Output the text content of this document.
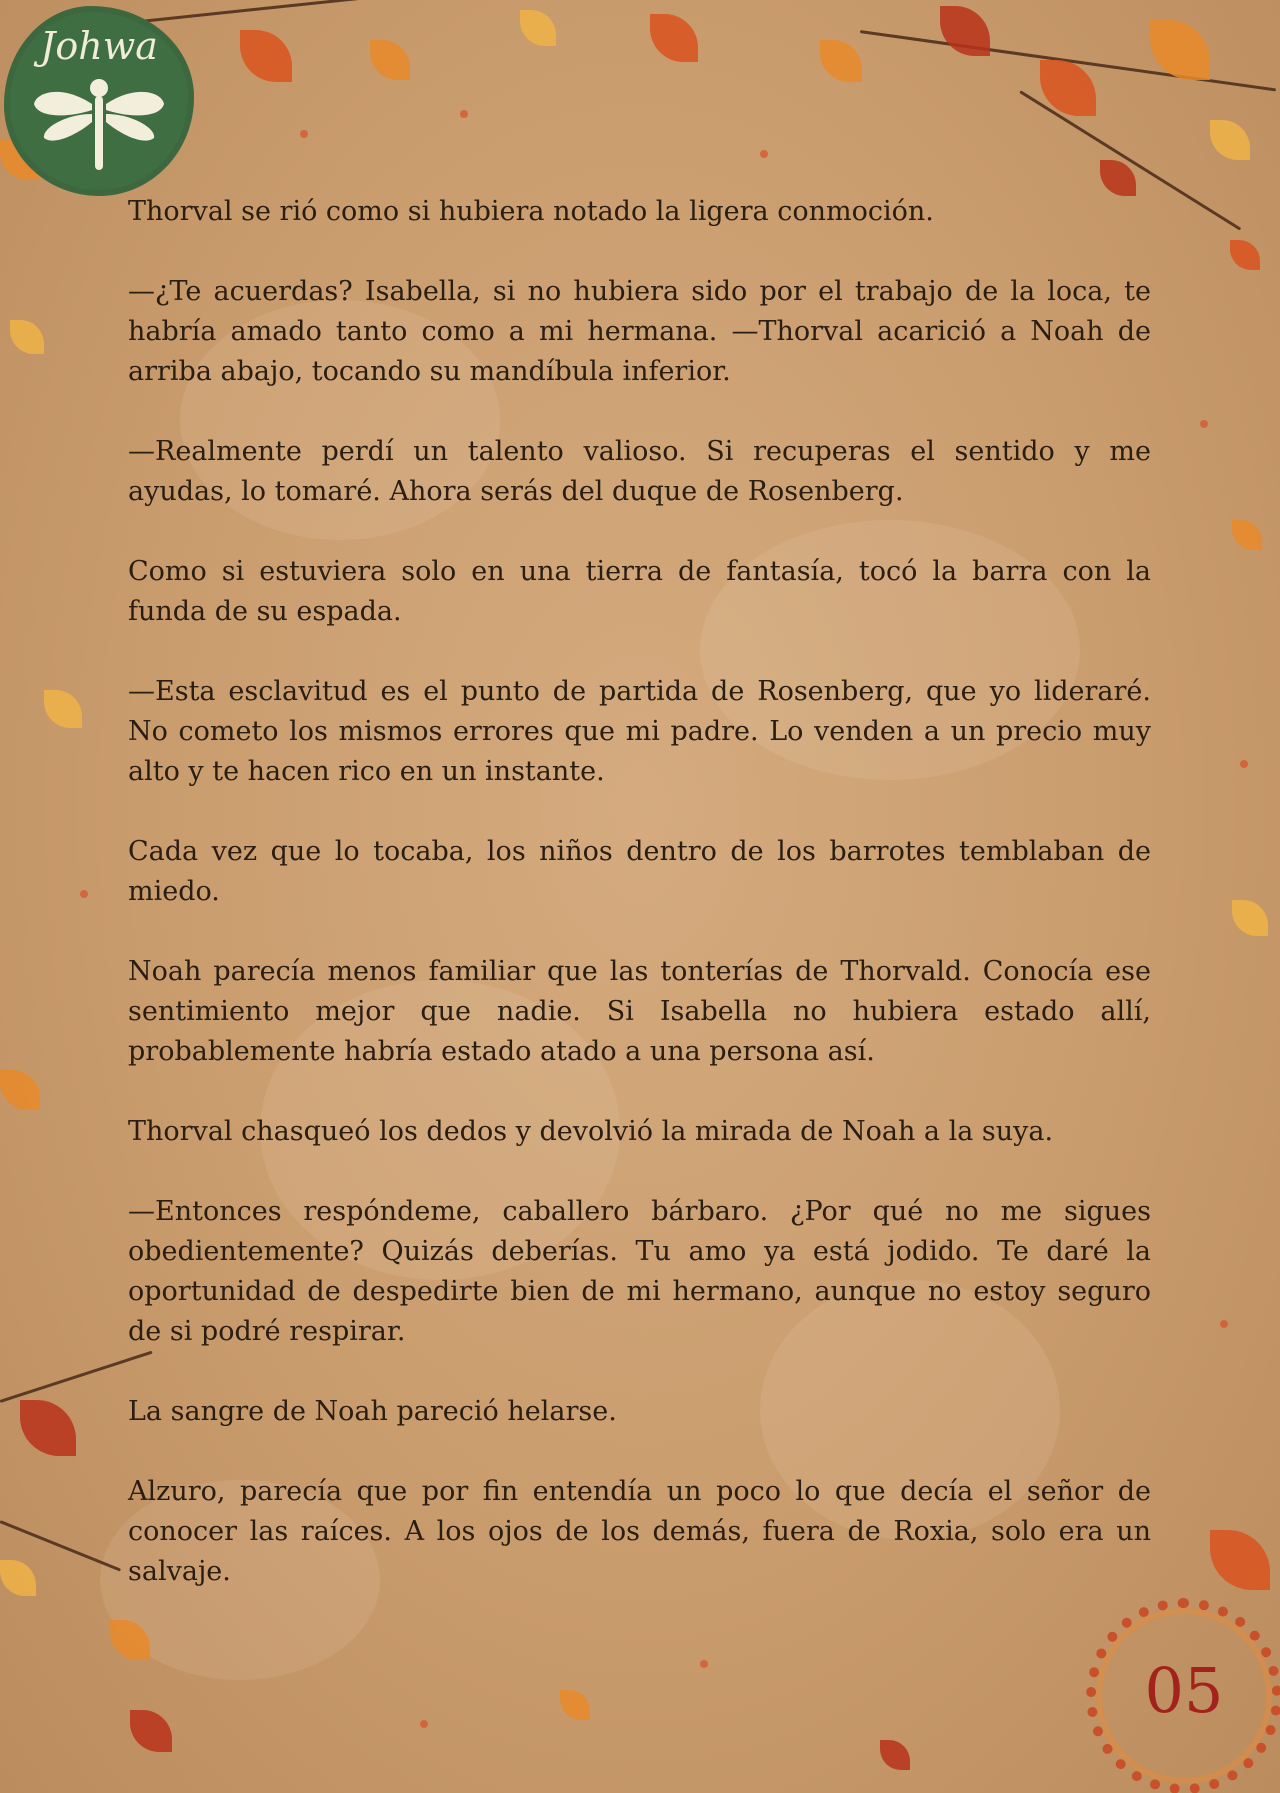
Johwa

Thorval se rió como si hubiera notado la ligera conmoción.

—¿Te acuerdas? Isabella, si no hubiera sido por el trabajo de la loca, te habría amado tanto como a mi hermana. —Thorval acarició a Noah de arriba abajo, tocando su mandíbula inferior.

—Realmente perdí un talento valioso. Si recuperas el sentido y me ayudas, lo tomaré. Ahora serás del duque de Rosenberg.

Como si estuviera solo en una tierra de fantasía, tocó la barra con la funda de su espada.

—Esta esclavitud es el punto de partida de Rosenberg, que yo lideraré. No cometo los mismos errores que mi padre. Lo venden a un precio muy alto y te hacen rico en un instante.

Cada vez que lo tocaba, los niños dentro de los barrotes temblaban de miedo.

Noah parecía menos familiar que las tonterías de Thorvald. Conocía ese sentimiento mejor que nadie. Si Isabella no hubiera estado allí, probablemente habría estado atado a una persona así.

Thorval chasqueó los dedos y devolvió la mirada de Noah a la suya.

—Entonces respóndeme, caballero bárbaro. ¿Por qué no me sigues obedientemente? Quizás deberías. Tu amo ya está jodido. Te daré la oportunidad de despedirte bien de mi hermano, aunque no estoy seguro de si podré respirar.

La sangre de Noah pareció helarse.

Alzuro, parecía que por fin entendía un poco lo que decía el señor de conocer las raíces. A los ojos de los demás, fuera de Roxia, solo era un salvaje.

05
